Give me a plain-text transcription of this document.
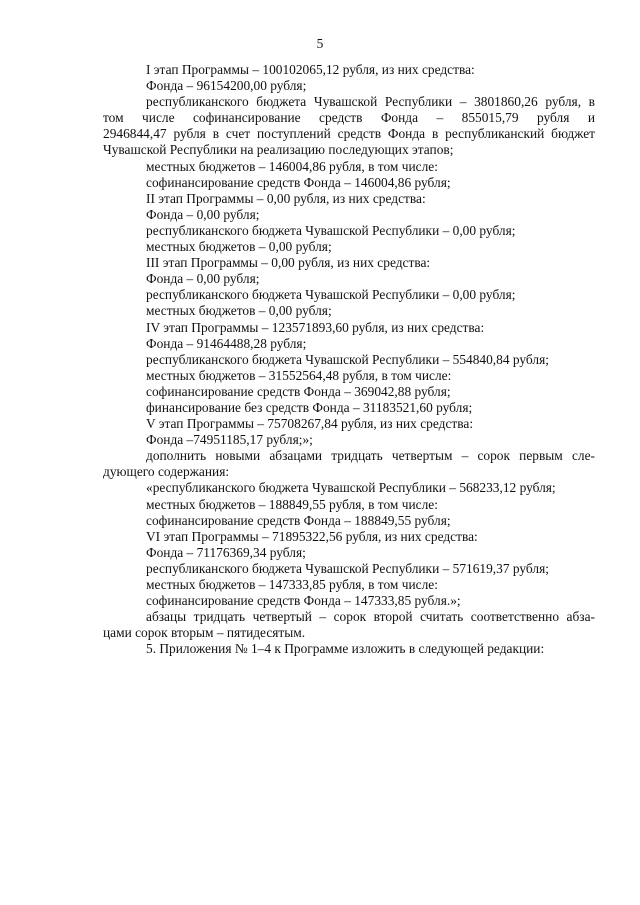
5

I этап Программы – 100102065,12 рубля, из них средства:

Фонда – 96154200,00 рубля;

республиканского бюджета Чувашской Республики – 3801860,26 рубля, в

том числе софинансирование средств Фонда – 855015,79 рубля и

2946844,47 рубля в счет поступлений средств Фонда в республиканский бюджет

Чувашской Республики на реализацию последующих этапов;

местных бюджетов – 146004,86 рубля, в том числе:

софинансирование средств Фонда – 146004,86 рубля;

II этап Программы – 0,00 рубля, из них средства:

Фонда – 0,00 рубля;

республиканского бюджета Чувашской Республики – 0,00 рубля;

местных бюджетов – 0,00 рубля;

III этап Программы – 0,00 рубля, из них средства:

Фонда – 0,00 рубля;

республиканского бюджета Чувашской Республики – 0,00 рубля;

местных бюджетов – 0,00 рубля;

IV этап Программы – 123571893,60 рубля, из них средства:

Фонда – 91464488,28 рубля;

республиканского бюджета Чувашской Республики – 554840,84 рубля;

местных бюджетов – 31552564,48 рубля, в том числе:

софинансирование средств Фонда – 369042,88 рубля;

финансирование без средств Фонда – 31183521,60 рубля;

V этап Программы – 75708267,84 рубля, из них средства:

Фонда –74951185,17 рубля;»;

дополнить новыми абзацами тридцать четвертым – сорок первым сле-

дующего содержания:

«республиканского бюджета Чувашской Республики – 568233,12 рубля;

местных бюджетов – 188849,55 рубля, в том числе:

софинансирование средств Фонда – 188849,55 рубля;

VI этап Программы – 71895322,56 рубля, из них средства:

Фонда – 71176369,34 рубля;

республиканского бюджета Чувашской Республики – 571619,37 рубля;

местных бюджетов – 147333,85 рубля, в том числе:

софинансирование средств Фонда – 147333,85 рубля.»;

абзацы тридцать четвертый – сорок второй считать соответственно абза-

цами сорок вторым – пятидесятым.

5. Приложения № 1–4 к Программе изложить в следующей редакции:
